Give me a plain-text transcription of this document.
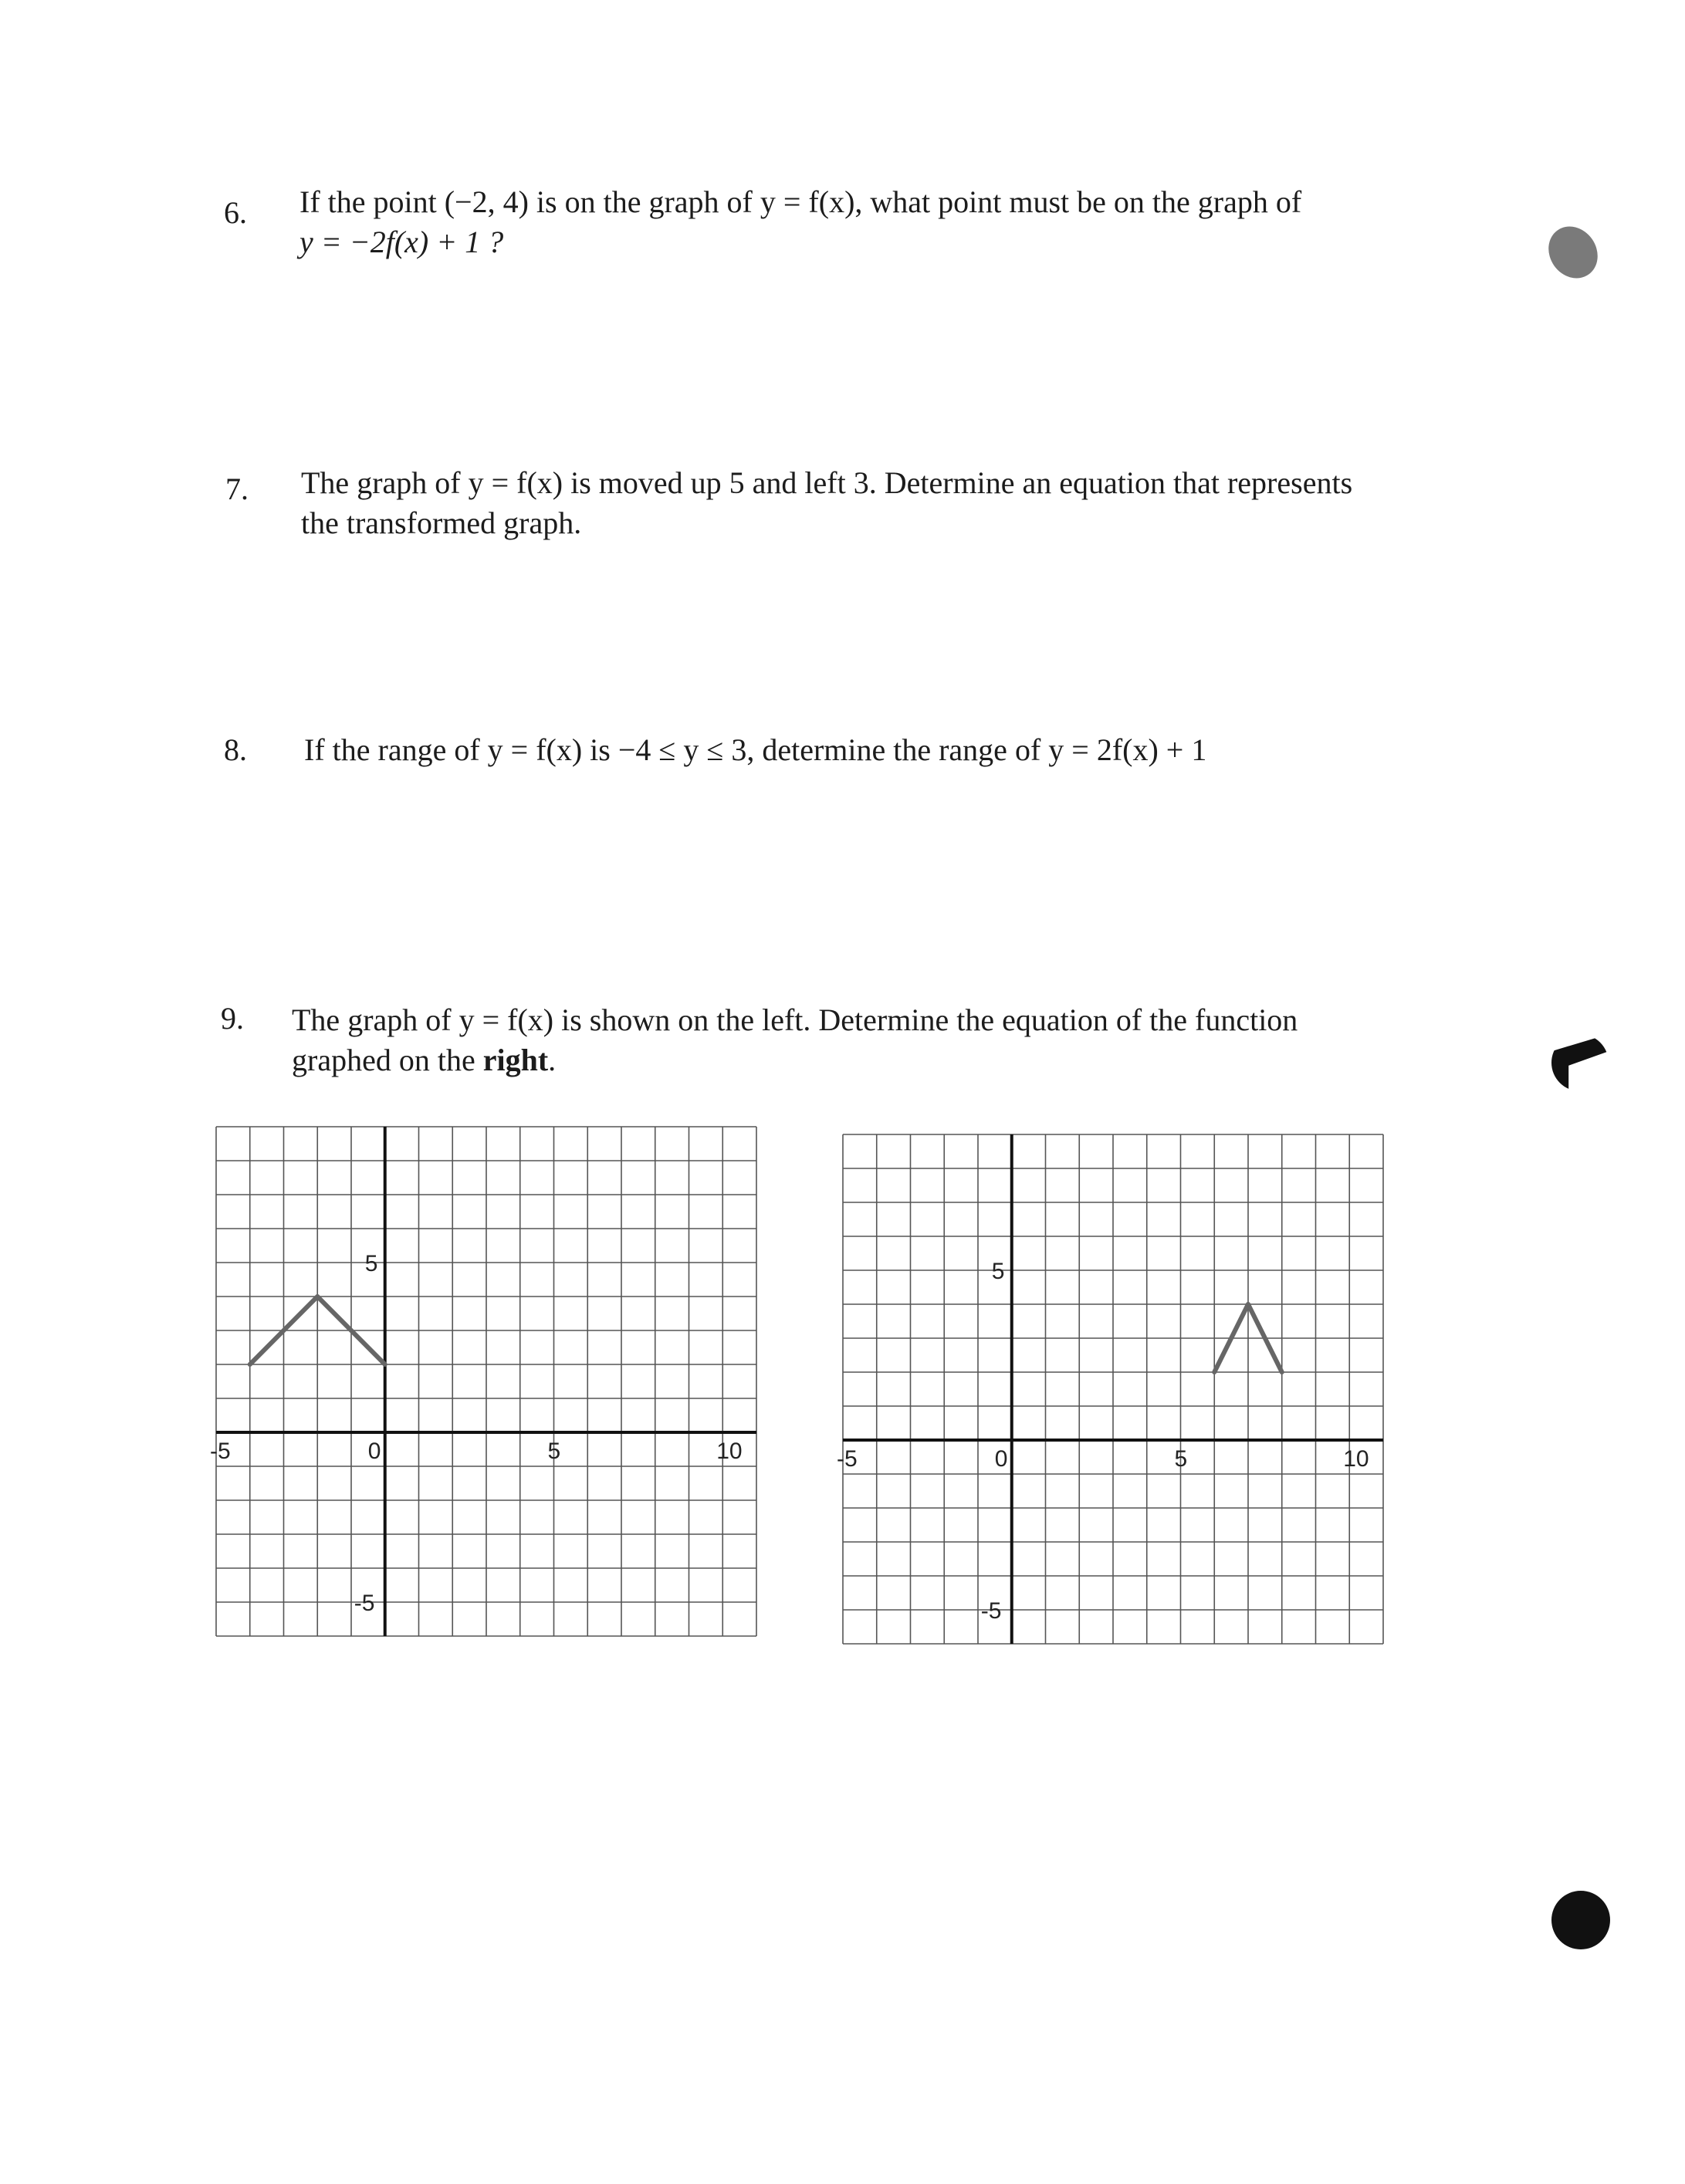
6. If the point (−2, 4) is on the graph of y = f(x), what point must be on the graph of
y = −2f(x) + 1 ?
7. The graph of y = f(x) is moved up 5 and left 3. Determine an equation that represents
the transformed graph.
8. If the range of y = f(x) is −4 ≤ y ≤ 3, determine the range of y = 2f(x) + 1
9. The graph of y = f(x) is shown on the left. Determine the equation of the function
graphed on the right.
-5	0	5	10
5
-5
-5	0	5	10
5
-5
